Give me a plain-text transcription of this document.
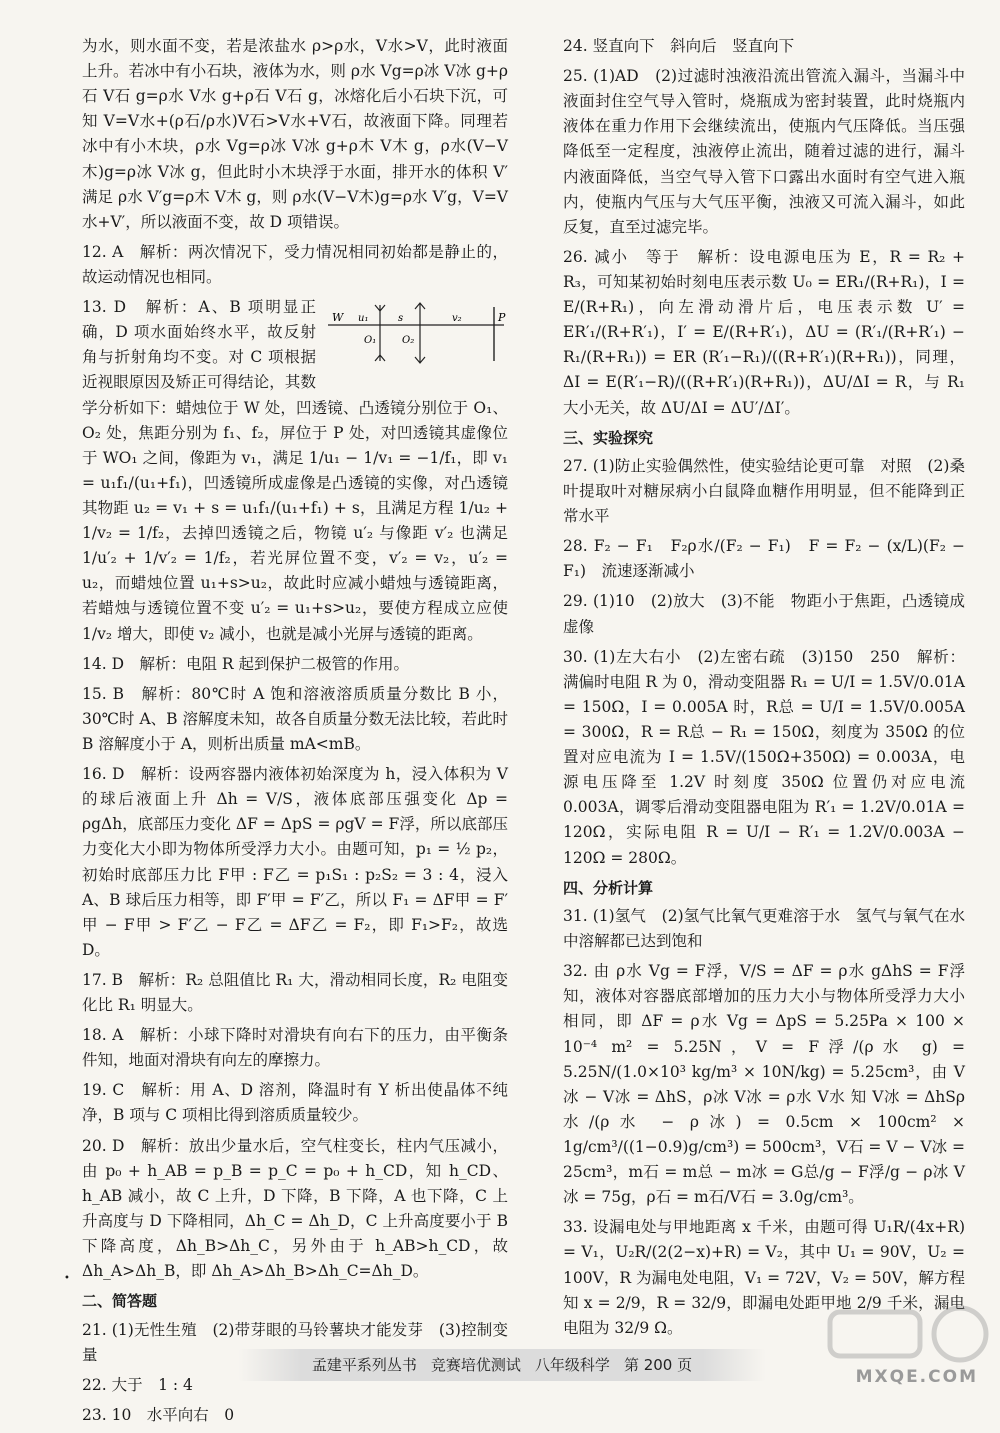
为水，则水面不变，若是浓盐水 ρ>ρ水，V水>V，此时液面上升。若冰中有小石块，液体为水，则 ρ水 Vg=ρ冰 V冰 g+ρ石 V石 g=ρ水 V水 g+ρ石 V石 g，冰熔化后小石块下沉，可知 V=V水+(ρ石/ρ水)V石>V水+V石，故液面下降。同理若冰中有小木块，ρ水 Vg=ρ冰 V冰 g+ρ木 V木 g，ρ水(V−V木)g=ρ冰 V冰 g，但此时小木块浮于水面，排开水的体积 V′满足 ρ水 V′g=ρ木 V木 g，则 ρ水(V−V木)g=ρ水 V′g，V=V水+V′，所以液面不变，故 D 项错误。

12. A　解析：两次情况下，受力情况相同初始都是静止的，故运动情况也相同。

W u₁	s	v₂	P
O₁	O₂

13. D　解析：A、B 项明显正确，D 项水面始终水平，故反射角与折射角均不变。对 C 项根据近视眼原因及矫正可得结论，其数学分析如下：蜡烛位于 W 处，凹透镜、凸透镜分别位于 O₁、O₂ 处，焦距分别为 f₁、f₂，屏位于 P 处，对凹透镜其虚像位于 WO₁ 之间，像距为 v₁，满足 1/u₁ − 1/v₁ = −1/f₁，即 v₁ = u₁f₁/(u₁+f₁)，凹透镜所成虚像是凸透镜的实像，对凸透镜其物距 u₂ = v₁ + s = u₁f₁/(u₁+f₁) + s，且满足方程 1/u₂ + 1/v₂ = 1/f₂，去掉凹透镜之后，物镜 u′₂ 与像距 v′₂ 也满足 1/u′₂ + 1/v′₂ = 1/f₂，若光屏位置不变，v′₂ = v₂，u′₂ = u₂，而蜡烛位置 u₁+s>u₂，故此时应减小蜡烛与透镜距离，若蜡烛与透镜位置不变 u′₂ = u₁+s>u₂，要使方程成立应使 1/v₂ 增大，即使 v₂ 减小，也就是减小光屏与透镜的距离。

14. D　解析：电阻 R 起到保护二极管的作用。

15. B　解析：80℃时 A 饱和溶液溶质质量分数比 B 小，30℃时 A、B 溶解度未知，故各自质量分数无法比较，若此时 B 溶解度小于 A，则析出质量 mA<mB。

16. D　解析：设两容器内液体初始深度为 h，浸入体积为 V 的球后液面上升 Δh = V/S，液体底部压强变化 Δp = ρgΔh，底部压力变化 ΔF = ΔpS = ρgV = F浮，所以底部压力变化大小即为物体所受浮力大小。由题可知，p₁ = ½ p₂，初始时底部压力比 F甲 : F乙 = p₁S₁ : p₂S₂ = 3 : 4，浸入 A、B 球后压力相等，即 F′甲 = F′乙，所以 F₁ = ΔF甲 = F′甲 − F甲 > F′乙 − F乙 = ΔF乙 = F₂，即 F₁>F₂，故选 D。

17. B　解析：R₂ 总阻值比 R₁ 大，滑动相同长度，R₂ 电阻变化比 R₁ 明显大。

18. A　解析：小球下降时对滑块有向右下的压力，由平衡条件知，地面对滑块有向左的摩擦力。

19. C　解析：用 A、D 溶剂，降温时有 Y 析出使晶体不纯净，B 项与 C 项相比得到溶质质量较少。

20. D　解析：放出少量水后，空气柱变长，柱内气压减小，由 p₀ + h_AB = p_B = p_C = p₀ + h_CD，知 h_CD、h_AB 减小，故 C 上升，D 下降，B 下降，A 也下降，C 上升高度与 D 下降相同，Δh_C = Δh_D，C 上升高度要小于 B 下降高度，Δh_B>Δh_C，另外由于 h_AB>h_CD，故 Δh_A>Δh_B，即 Δh_A>Δh_B>Δh_C=Δh_D。

二、简答题

21. (1)无性生殖　(2)带芽眼的马铃薯块才能发芽　(3)控制变量

22. 大于　1 : 4

23. 10　水平向右　0

24. 竖直向下　斜向后　竖直向下

25. (1)AD　(2)过滤时浊液沿流出管流入漏斗，当漏斗中液面封住空气导入管时，烧瓶成为密封装置，此时烧瓶内液体在重力作用下会继续流出，使瓶内气压降低。当压强降低至一定程度，浊液停止流出，随着过滤的进行，漏斗内液面降低，当空气导入管下口露出水面时有空气进入瓶内，使瓶内气压与大气压平衡，浊液又可流入漏斗，如此反复，直至过滤完毕。

26. 减小　等于　解析：设电源电压为 E，R = R₂ + R₃，可知某初始时刻电压表示数 U₀ = ER₁/(R+R₁)，I = E/(R+R₁)，向左滑动滑片后，电压表示数 U′ = ER′₁/(R+R′₁)，I′ = E/(R+R′₁)，ΔU = (R′₁/(R+R′₁) − R₁/(R+R₁)) = ER (R′₁−R₁)/((R+R′₁)(R+R₁))，同理，ΔI = E(R′₁−R)/((R+R′₁)(R+R₁))，ΔU/ΔI = R，与 R₁ 大小无关，故 ΔU/ΔI = ΔU′/ΔI′。

三、实验探究

27. (1)防止实验偶然性，使实验结论更可靠　对照　(2)桑叶提取叶对糖尿病小白鼠降血糖作用明显，但不能降到正常水平

28. F₂ − F₁　F₂ρ水/(F₂ − F₁)　F = F₂ − (x/L)(F₂ − F₁)　流速逐渐减小

29. (1)10　(2)放大　(3)不能　物距小于焦距，凸透镜成虚像

30. (1)左大右小　(2)左密右疏　(3)150　250　解析：满偏时电阻 R 为 0，滑动变阻器 R₁ = U/I = 1.5V/0.01A = 150Ω，I = 0.005A 时，R总 = U/I = 1.5V/0.005A = 300Ω，R = R总 − R₁ = 150Ω，刻度为 350Ω 的位置对应电流为 I = 1.5V/(150Ω+350Ω) = 0.003A，电源电压降至 1.2V 时刻度 350Ω 位置仍对应电流 0.003A，调零后滑动变阻器电阻为 R′₁ = 1.2V/0.01A = 120Ω，实际电阻 R = U/I − R′₁ = 1.2V/0.003A − 120Ω = 280Ω。

四、分析计算

31. (1)氢气　(2)氢气比氧气更难溶于水　氢气与氧气在水中溶解都已达到饱和

32. 由 ρ水 Vg = F浮，V/S = ΔF = ρ水 gΔhS = F浮 知，液体对容器底部增加的压力大小与物体所受浮力大小相同，即 ΔF = ρ水 Vg = ΔpS = 5.25Pa × 100 × 10⁻⁴ m² = 5.25N，V = F浮/(ρ水 g) = 5.25N/(1.0×10³ kg/m³ × 10N/kg) = 5.25cm³，由 V冰 − V冰 = ΔhS，ρ冰 V冰 = ρ水 V水 知 V冰 = ΔhSρ水/(ρ水 − ρ冰) = 0.5cm × 100cm² × 1g/cm³/((1−0.9)g/cm³) = 500cm³，V石 = V − V冰 = 25cm³，m石 = m总 − m冰 = G总/g − F浮/g − ρ冰 V冰 = 75g，ρ石 = m石/V石 = 3.0g/cm³。

33. 设漏电处与甲地距离 x 千米，由题可得 U₁R/(4x+R) = V₁，U₂R/(2(2−x)+R) = V₂，其中 U₁ = 90V，U₂ = 100V，R 为漏电处电阻，V₁ = 72V，V₂ = 50V，解方程知 x = 2/9，R = 32/9，即漏电处距甲地 2/9 千米，漏电电阻为 32/9 Ω。

•
孟建平系列丛书 竞赛培优测试 八年级科学 第 200 页
MXQE.COM
